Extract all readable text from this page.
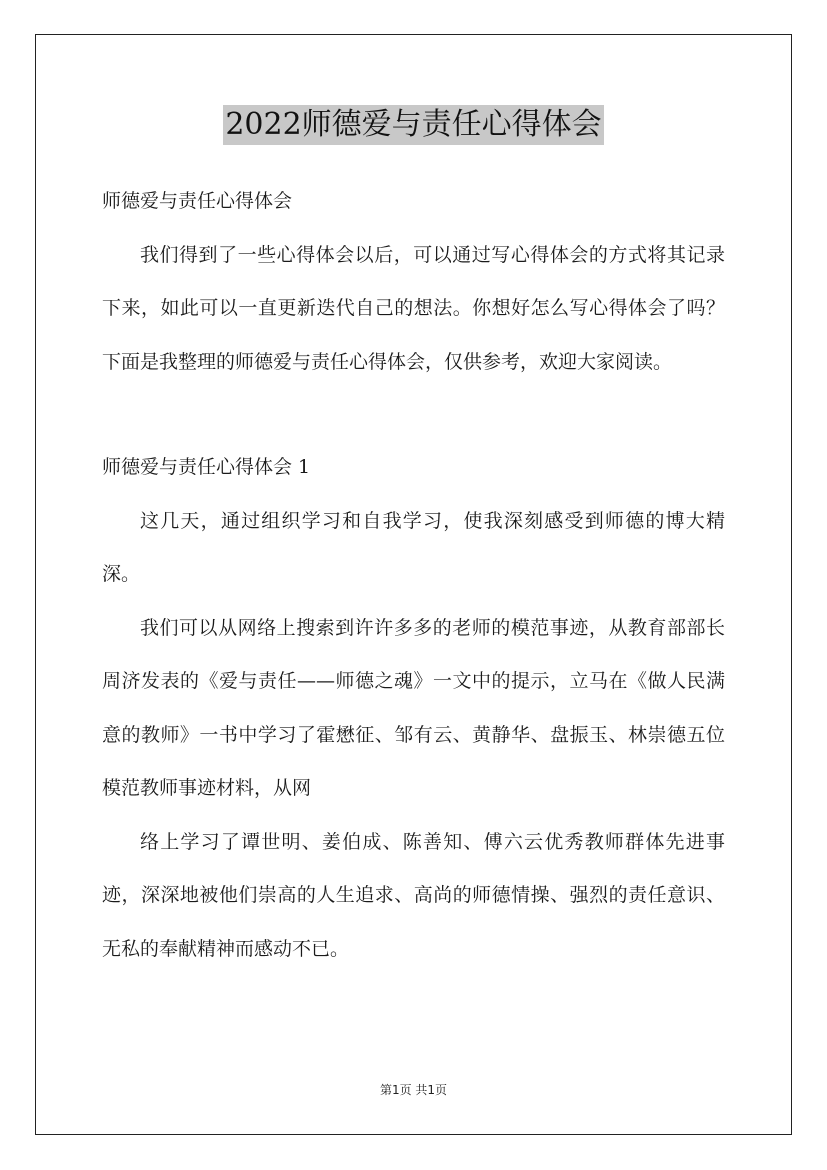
2022师德爱与责任心得体会

师德爱与责任心得体会

我们得到了一些心得体会以后，可以通过写心得体会的方式将其记录下来，如此可以一直更新迭代自己的想法。你想好怎么写心得体会了吗？下面是我整理的师德爱与责任心得体会，仅供参考，欢迎大家阅读。

师德爱与责任心得体会 1

这几天，通过组织学习和自我学习，使我深刻感受到师德的博大精深。

我们可以从网络上搜索到许许多多的老师的模范事迹，从教育部部长周济发表的《爱与责任——师德之魂》一文中的提示，立马在《做人民满意的教师》一书中学习了霍懋征、邹有云、黄静华、盘振玉、林崇德五位模范教师事迹材料，从网

络上学习了谭世明、姜伯成、陈善知、傅六云优秀教师群体先进事迹，深深地被他们崇高的人生追求、高尚的师德情操、强烈的责任意识、无私的奉献精神而感动不已。

第1页 共1页
